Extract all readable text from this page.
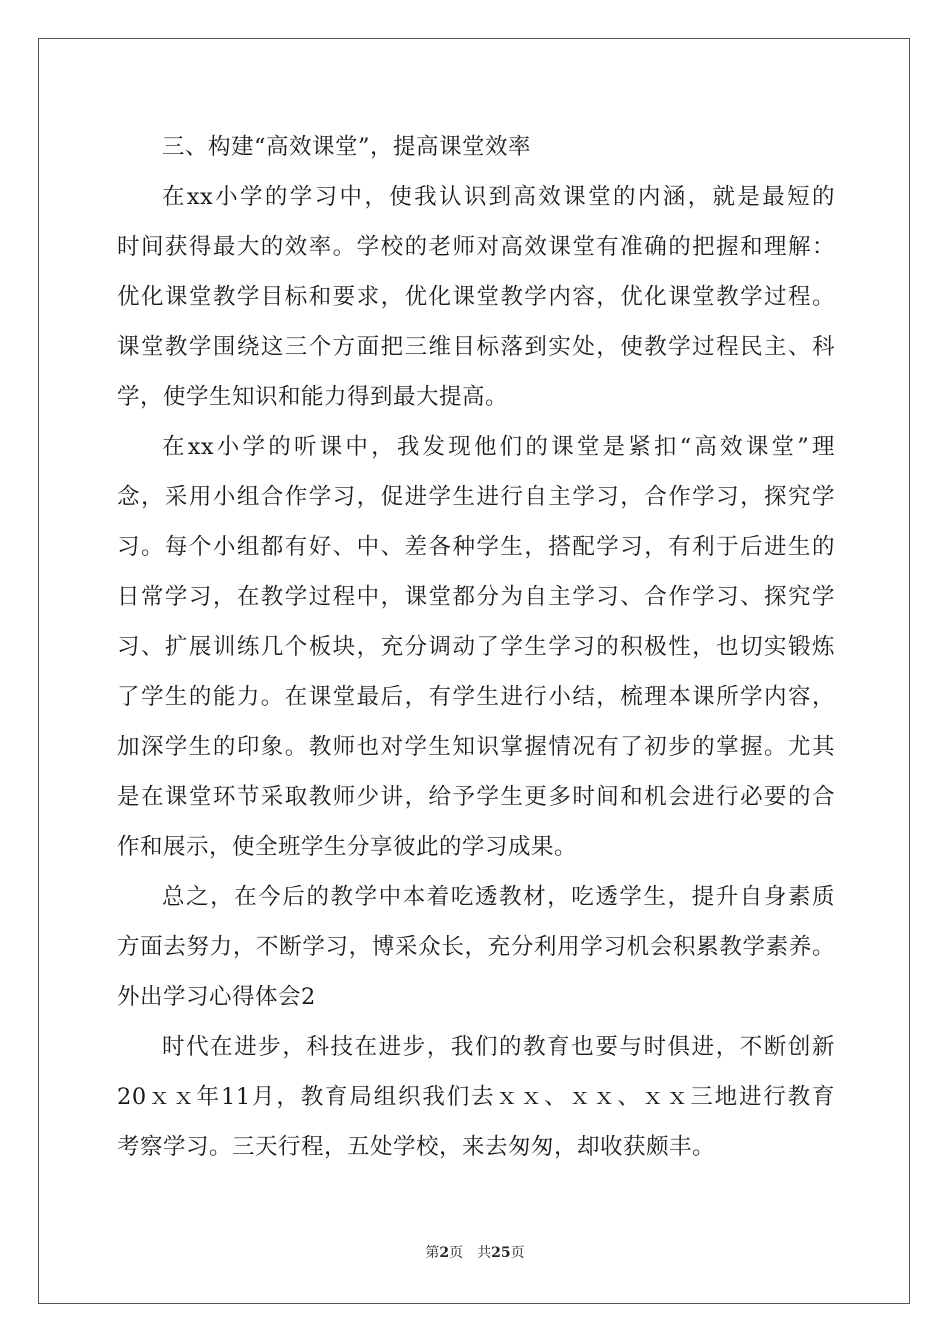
三、构建“高效课堂”，提高课堂效率
在xx小学的学习中，使我认识到高效课堂的内涵，就是最短的
时间获得最大的效率。学校的老师对高效课堂有准确的把握和理解：
优化课堂教学目标和要求，优化课堂教学内容，优化课堂教学过程。
课堂教学围绕这三个方面把三维目标落到实处，使教学过程民主、科
学，使学生知识和能力得到最大提高。
在xx小学的听课中，我发现他们的课堂是紧扣“高效课堂”理
念，采用小组合作学习，促进学生进行自主学习，合作学习，探究学
习。每个小组都有好、中、差各种学生，搭配学习，有利于后进生的
日常学习，在教学过程中，课堂都分为自主学习、合作学习、探究学
习、扩展训练几个板块，充分调动了学生学习的积极性，也切实锻炼
了学生的能力。在课堂最后，有学生进行小结，梳理本课所学内容，
加深学生的印象。教师也对学生知识掌握情况有了初步的掌握。尤其
是在课堂环节采取教师少讲，给予学生更多时间和机会进行必要的合
作和展示，使全班学生分享彼此的学习成果。
总之，在今后的教学中本着吃透教材，吃透学生，提升自身素质
方面去努力，不断学习，博采众长，充分利用学习机会积累教学素养。
外出学习心得体会2
时代在进步，科技在进步，我们的教育也要与时俱进，不断创新
20ｘｘ年11月，教育局组织我们去ｘｘ、ｘｘ、ｘｘ三地进行教育
考察学习。三天行程，五处学校，来去匆匆，却收获颇丰。
第2页 共25页
